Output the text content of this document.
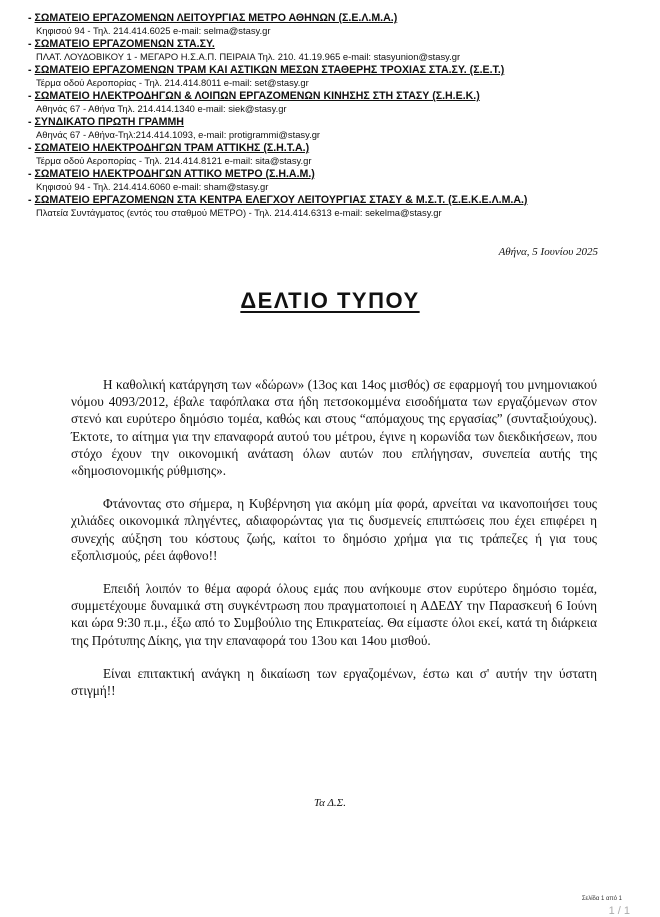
- ΣΩΜΑΤΕΙΟ ΕΡΓΑΖΟΜΕΝΩΝ ΛΕΙΤΟΥΡΓΙΑΣ ΜΕΤΡΟ ΑΘΗΝΩΝ (Σ.Ε.Λ.Μ.Α.)
Κηφισού 94 - Τηλ. 214.414.6025 e-mail: selma@stasy.gr
- ΣΩΜΑΤΕΙΟ ΕΡΓΑΖΟΜΕΝΩΝ ΣΤΑ.ΣΥ.
ΠΛΑΤ. ΛΟΥΔΟΒΙΚΟΥ 1 - ΜΕΓΑΡΟ Η.Σ.Α.Π. ΠΕΙΡΑΙΑ Τηλ. 210. 41.19.965 e-mail: stasyunion@stasy.gr
- ΣΩΜΑΤΕΙΟ ΕΡΓΑΖΟΜΕΝΩΝ ΤΡΑΜ ΚΑΙ ΑΣΤΙΚΩΝ ΜΕΣΩΝ ΣΤΑΘΕΡΗΣ ΤΡΟΧΙΑΣ ΣΤΑ.ΣΥ. (Σ.Ε.Τ.)
Τέρμα οδού Αεροπορίας - Τηλ. 214.414.8011 e-mail: set@stasy.gr
- ΣΩΜΑΤΕΙΟ ΗΛΕΚΤΡΟΔΗΓΩΝ & ΛΟΙΠΩΝ ΕΡΓΑΖΟΜΕΝΩΝ ΚΙΝΗΣΗΣ ΣΤΗ ΣΤΑΣΥ (Σ.Η.Ε.Κ.)
Αθηνάς 67 - Αθήνα Τηλ. 214.414.1340 e-mail: siek@stasy.gr
- ΣΥΝΔΙΚΑΤΟ ΠΡΩΤΗ ΓΡΑΜΜΗ
Αθηνάς 67 - Αθήνα-Τηλ:214.414.1093, e-mail: protigrammi@stasy.gr
- ΣΩΜΑΤΕΙΟ ΗΛΕΚΤΡΟΔΗΓΩΝ ΤΡΑΜ ΑΤΤΙΚΗΣ (Σ.Η.Τ.Α.)
Τέρμα οδού Αεροπορίας - Τηλ. 214.414.8121 e-mail: sita@stasy.gr
- ΣΩΜΑΤΕΙΟ ΗΛΕΚΤΡΟΔΗΓΩΝ ΑΤΤΙΚΟ ΜΕΤΡΟ (Σ.Η.Α.Μ.)
Κηφισού 94 - Τηλ. 214.414.6060 e-mail: sham@stasy.gr
- ΣΩΜΑΤΕΙΟ ΕΡΓΑΖΟΜΕΝΩΝ ΣΤΑ ΚΕΝΤΡΑ ΕΛΕΓΧΟΥ ΛΕΙΤΟΥΡΓΙΑΣ ΣΤΑΣΥ & Μ.Σ.Τ. (Σ.Ε.Κ.Ε.Λ.Μ.Α.)
Πλατεία Συντάγματος (εντός του σταθμού ΜΕΤΡΟ) - Τηλ. 214.414.6313 e-mail: sekelma@stasy.gr
Αθήνα, 5 Ιουνίου 2025
ΔΕΛΤΙΟ ΤΥΠΟΥ

Η καθολική κατάργηση των «δώρων» (13ος και 14ος μισθός) σε εφαρμογή του μνημονιακού νόμου 4093/2012, έβαλε ταφόπλακα στα ήδη πετσοκομμένα εισοδήματα των εργαζόμενων στον στενό και ευρύτερο δημόσιο τομέα, καθώς και στους “απόμαχους της εργασίας” (συνταξιούχους). Έκτοτε, το αίτημα για την επαναφορά αυτού του μέτρου, έγινε η κορωνίδα των διεκδικήσεων, που στόχο έχουν την οικονομική ανάταση όλων αυτών που επλήγησαν, συνεπεία αυτής της «δημοσιονομικής ρύθμισης».

Φτάνοντας στο σήμερα, η Κυβέρνηση για ακόμη μία φορά, αρνείται να ικανοποιήσει τους χιλιάδες οικονομικά πληγέντες, αδιαφορώντας για τις δυσμενείς επιπτώσεις που έχει επιφέρει η συνεχής αύξηση του κόστους ζωής, καίτοι το δημόσιο χρήμα για τις τράπεζες ή για τους εξοπλισμούς, ρέει άφθονο!!

Επειδή λοιπόν το θέμα αφορά όλους εμάς που ανήκουμε στον ευρύτερο δημόσιο τομέα, συμμετέχουμε δυναμικά στη συγκέντρωση που πραγματοποιεί η ΑΔΕΔΥ την Παρασκευή 6 Ιούνη και ώρα 9:30 π.μ., έξω από το Συμβούλιο της Επικρατείας. Θα είμαστε όλοι εκεί, κατά τη διάρκεια της Πρότυπης Δίκης, για την επαναφορά του 13ου και 14ου μισθού.

Είναι επιτακτική ανάγκη η δικαίωση των εργαζομένων, έστω και σ' αυτήν την ύστατη στιγμή!!

Τα Δ.Σ.
Σελίδα 1 από 1
1 / 1
